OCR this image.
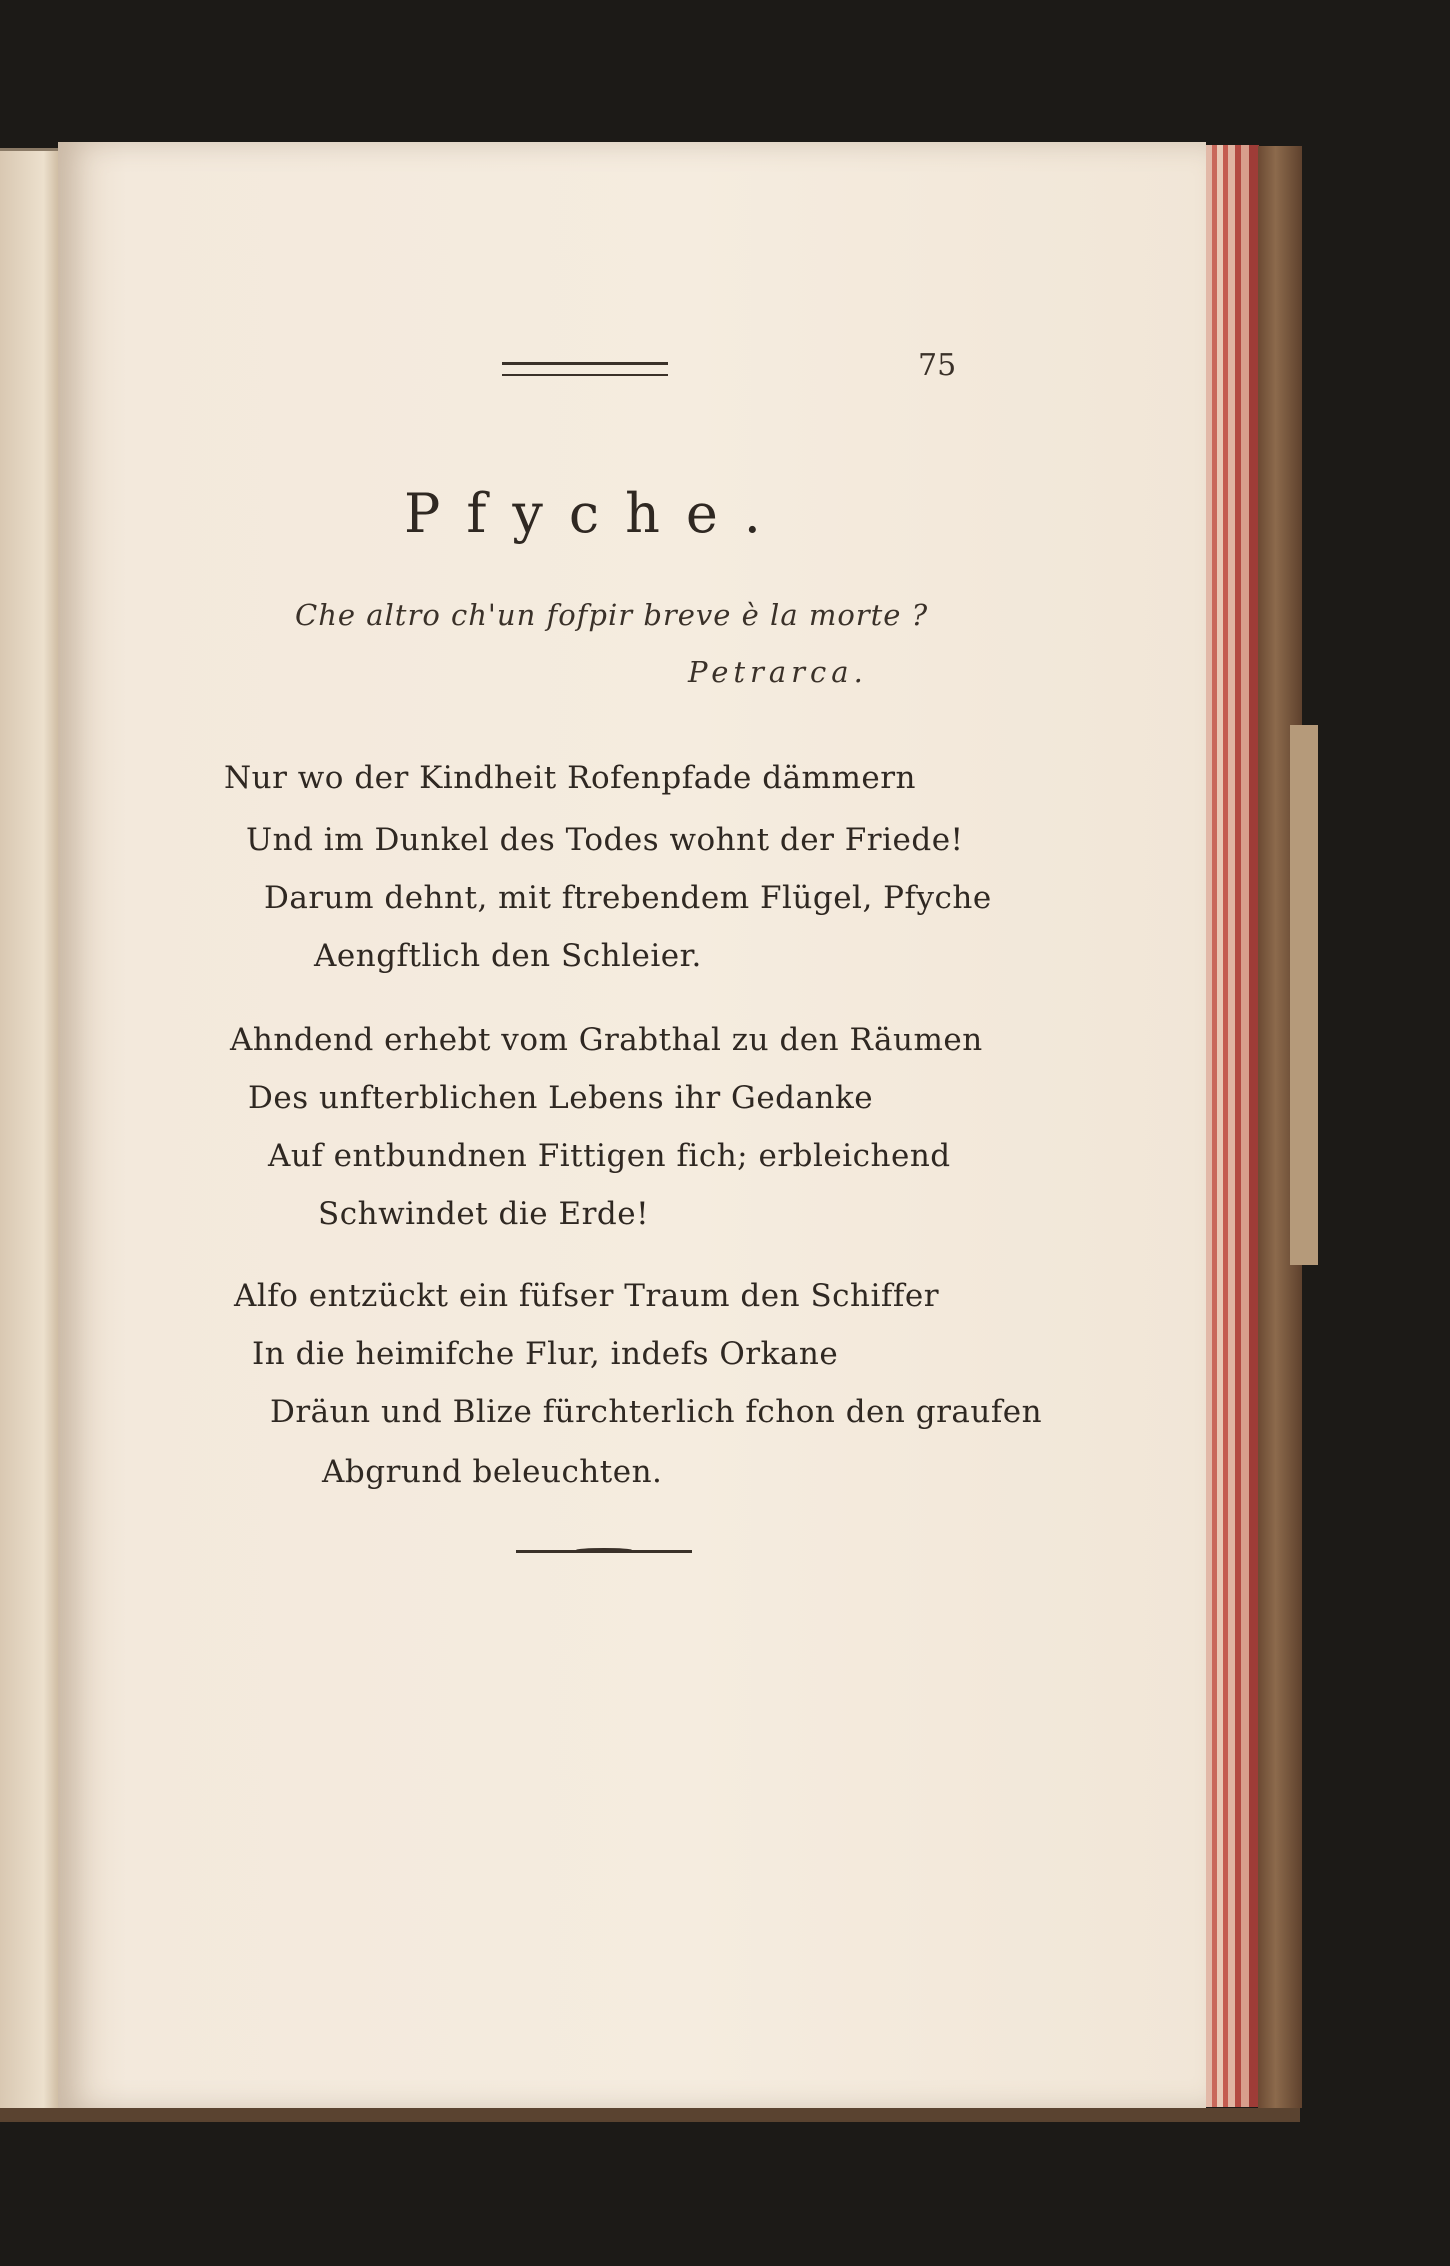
75
Pfyche.
Che altro ch'un fofpir breve è la morte ?
Petrarca.
Nur wo der Kindheit Rofenpfade dämmern
Und im Dunkel des Todes wohnt der Friede!
Darum dehnt, mit ftrebendem Flügel, Pfyche
Aengftlich den Schleier.
Ahndend erhebt vom Grabthal zu den Räumen
Des unfterblichen Lebens ihr Gedanke
Auf entbundnen Fittigen fich; erbleichend
Schwindet die Erde!
Alfo entzückt ein füfser Traum den Schiffer
In die heimifche Flur, indefs Orkane
Dräun und Blize fürchterlich fchon den graufen
Abgrund beleuchten.
